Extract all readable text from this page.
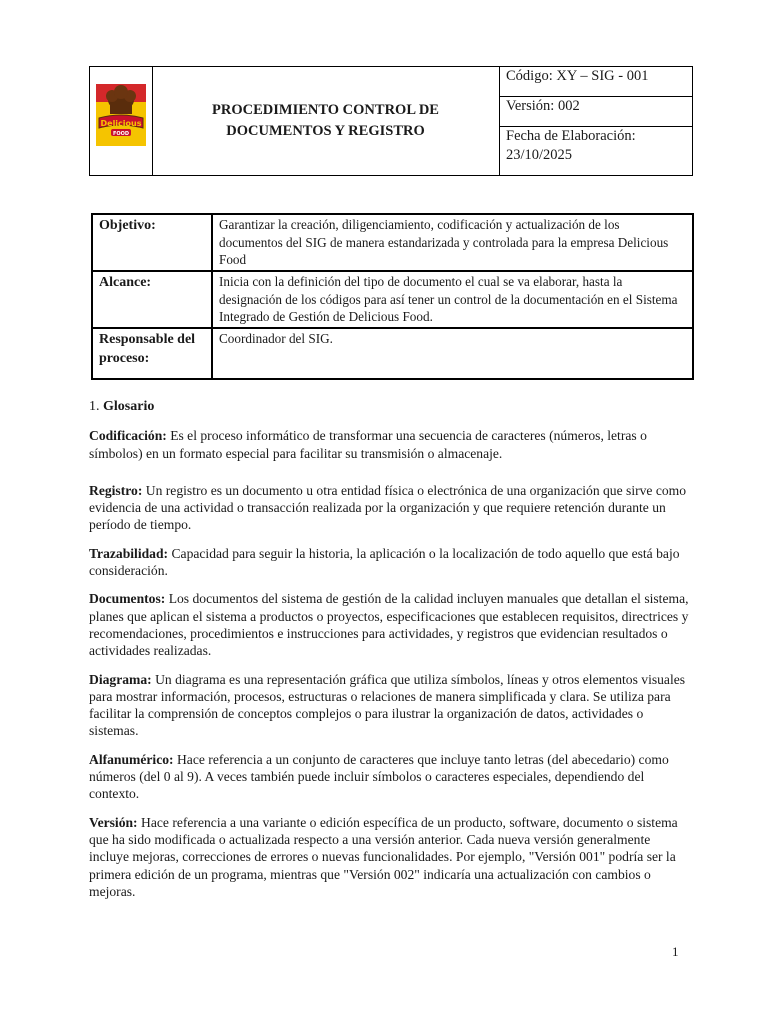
Delicious
FOOD
PROCEDIMIENTO CONTROL DE
DOCUMENTOS Y REGISTRO
Código: XY – SIG - 001
Versión: 002
Fecha de Elaboración:
23/10/2025
Objetivo:	Garantizar la creación, diligenciamiento, codificación y actualización de los documentos del SIG de manera estandarizada y controlada para la empresa Delicious Food
Alcance:	Inicia con la definición del tipo de documento el cual se va elaborar, hasta la designación de los códigos para así tener un control de la documentación en el Sistema Integrado de Gestión de Delicious Food.
Responsable del proceso:
Coordinador del SIG.
1. Glosario

Codificación: Es el proceso informático de transformar una secuencia de caracteres (números, letras o símbolos) en un formato especial para facilitar su transmisión o almacenaje.

Registro: Un registro es un documento u otra entidad física o electrónica de una organización que sirve como evidencia de una actividad o transacción realizada por la organización y que requiere retención durante un período de tiempo.

Trazabilidad: Capacidad para seguir la historia, la aplicación o la localización de todo aquello que está bajo consideración.

Documentos: Los documentos del sistema de gestión de la calidad incluyen manuales que detallan el sistema, planes que aplican el sistema a productos o proyectos, especificaciones que establecen requisitos, directrices y recomendaciones, procedimientos e instrucciones para actividades, y registros que evidencian resultados o actividades realizadas.

Diagrama: Un diagrama es una representación gráfica que utiliza símbolos, líneas y otros elementos visuales para mostrar información, procesos, estructuras o relaciones de manera simplificada y clara. Se utiliza para facilitar la comprensión de conceptos complejos o para ilustrar la organización de datos, actividades o sistemas.

Alfanumérico: Hace referencia a un conjunto de caracteres que incluye tanto letras (del abecedario) como números (del 0 al 9). A veces también puede incluir símbolos o caracteres especiales, dependiendo del contexto.

Versión: Hace referencia a una variante o edición específica de un producto, software, documento o sistema que ha sido modificada o actualizada respecto a una versión anterior. Cada nueva versión generalmente incluye mejoras, correcciones de errores o nuevas funcionalidades. Por ejemplo, "Versión 001" podría ser la primera edición de un programa, mientras que "Versión 002" indicaría una actualización con cambios o mejoras.

1
